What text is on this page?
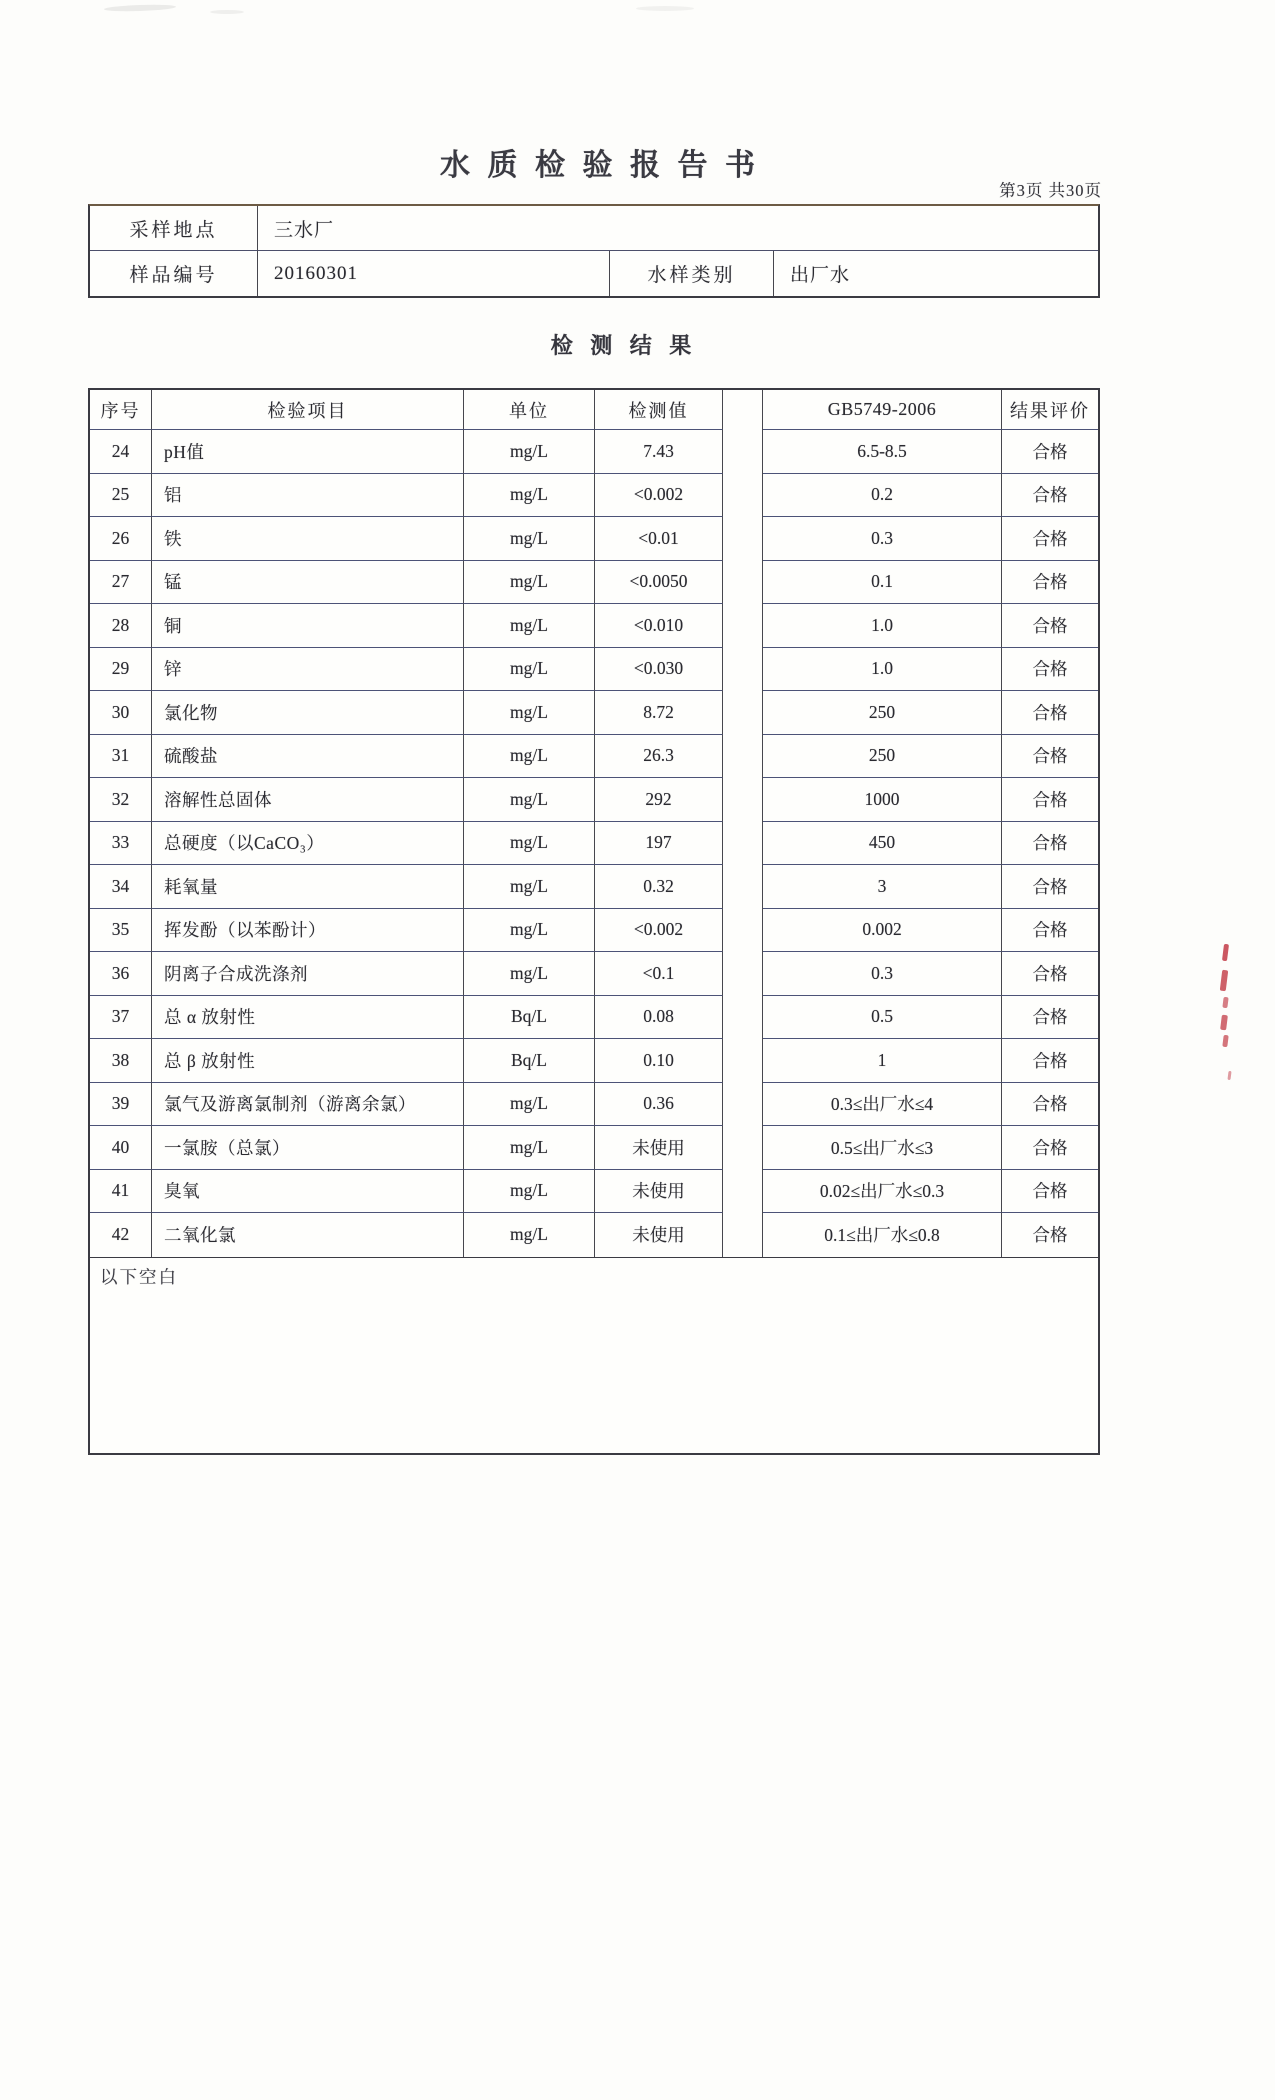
水 质 检 验 报 告 书
第3页 共30页
采样地点	三水厂
样品编号	20160301	水样类别	出厂水
检 测 结 果
序号	检验项目	单位	检测值	GB5749-2006	结果评价
24	pH值	mg/L	7.43	6.5-8.5	合格
25	铝	mg/L	<0.002	0.2	合格
26	铁	mg/L	<0.01	0.3	合格
27	锰	mg/L	<0.0050	0.1	合格
28	铜	mg/L	<0.010	1.0	合格
29	锌	mg/L	<0.030	1.0	合格
30	氯化物	mg/L	8.72	250	合格
31	硫酸盐	mg/L	26.3	250	合格
32	溶解性总固体	mg/L	292	1000	合格
33	总硬度（以CaCO₃）	mg/L	197	450	合格
34	耗氧量	mg/L	0.32	3	合格
35	挥发酚（以苯酚计）	mg/L	<0.002	0.002	合格
36	阴离子合成洗涤剂	mg/L	<0.1	0.3	合格
37	总 α 放射性	Bq/L	0.08	0.5	合格
38	总 β 放射性	Bq/L	0.10	1	合格
39	氯气及游离氯制剂（游离余氯）	mg/L	0.36	0.3≤出厂水≤4	合格
40	一氯胺（总氯）	mg/L	未使用	0.5≤出厂水≤3	合格
41	臭氧	mg/L	未使用	0.02≤出厂水≤0.3	合格
42	二氧化氯	mg/L	未使用	0.1≤出厂水≤0.8	合格
以下空白
